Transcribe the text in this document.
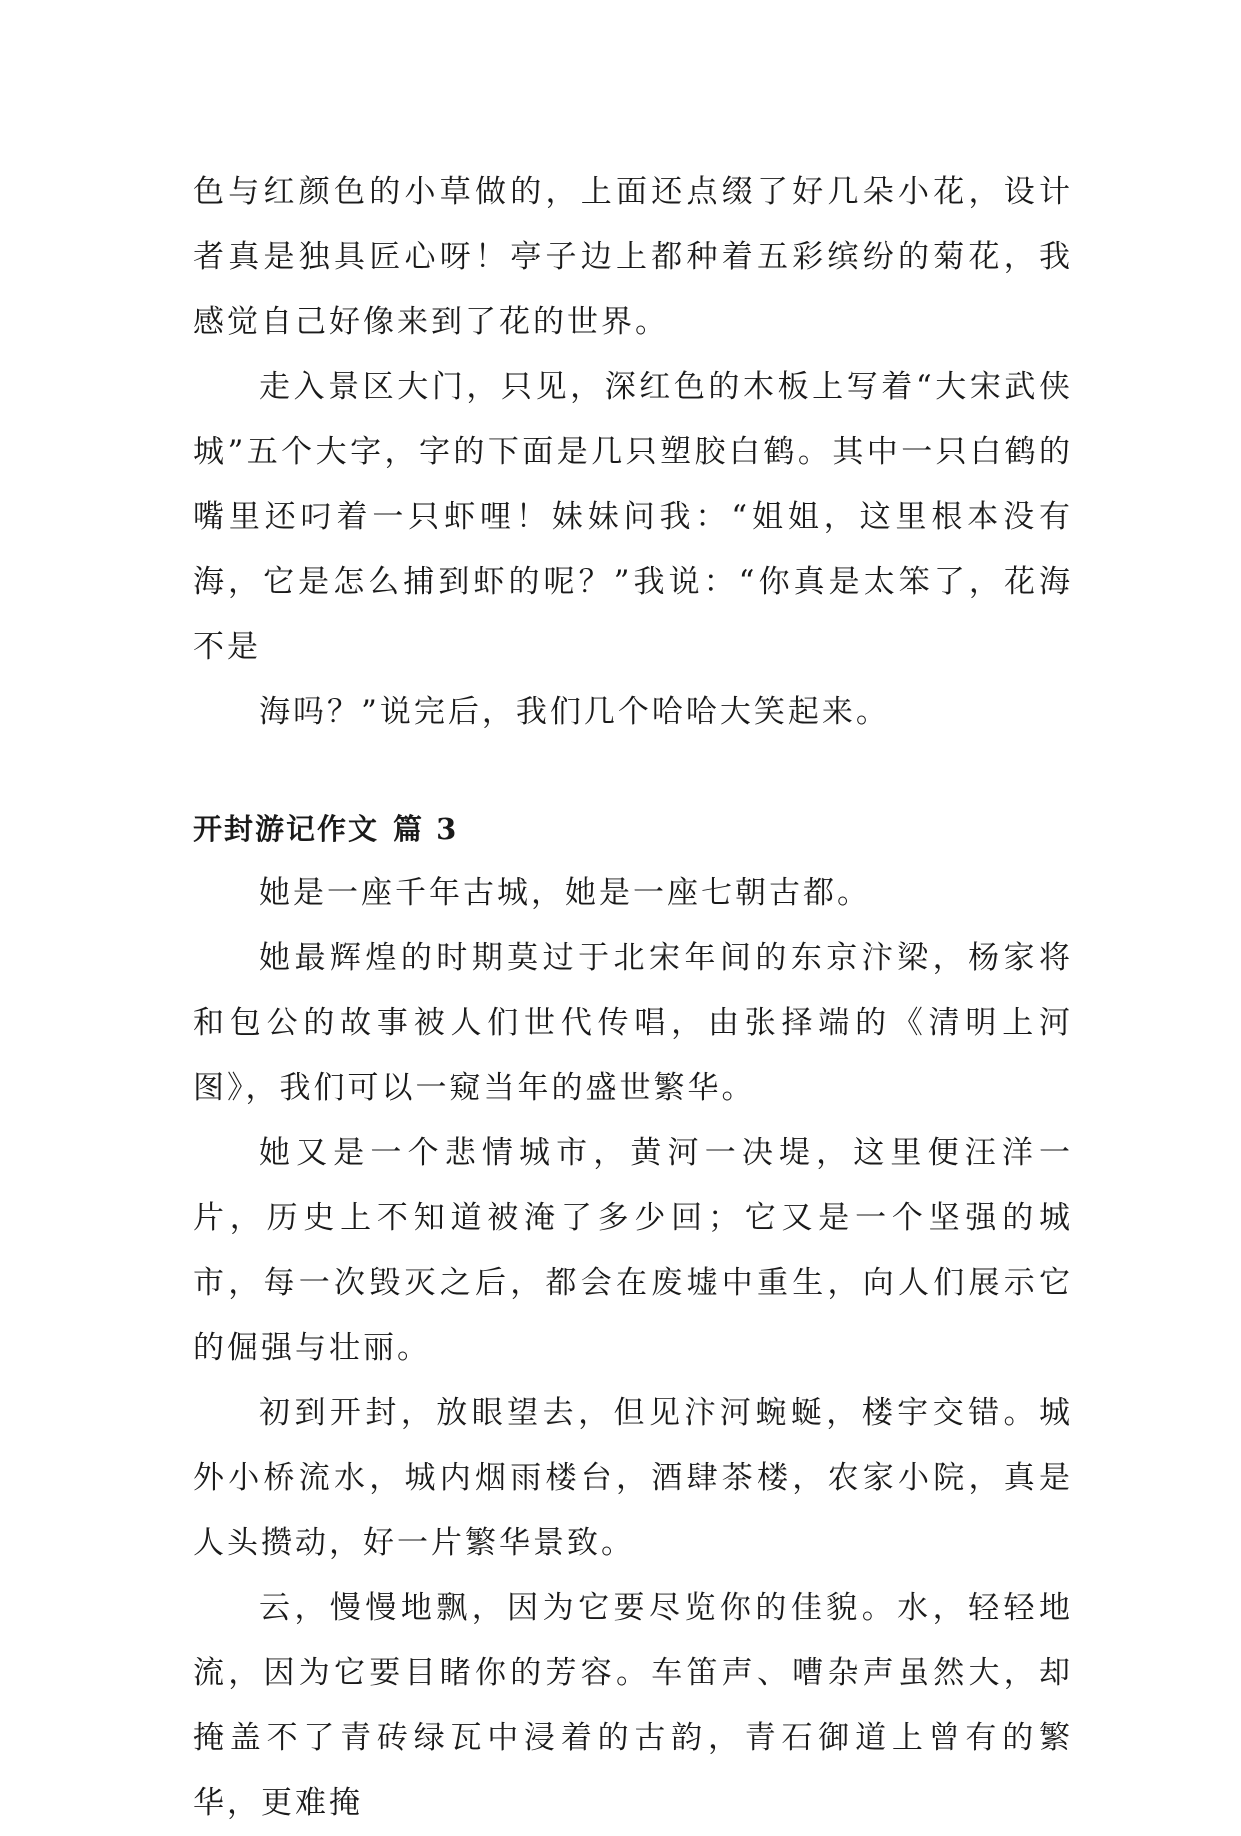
色与红颜色的小草做的，上面还点缀了好几朵小花，设计者真是独具匠心呀！亭子边上都种着五彩缤纷的菊花，我感觉自己好像来到了花的世界。

走入景区大门，只见，深红色的木板上写着“大宋武侠城”五个大字，字的下面是几只塑胶白鹤。其中一只白鹤的嘴里还叼着一只虾哩！妹妹问我：“姐姐，这里根本没有海，它是怎么捕到虾的呢？”我说：“你真是太笨了，花海不是

海吗？”说完后，我们几个哈哈大笑起来。

开封游记作文 篇 3

她是一座千年古城，她是一座七朝古都。

她最辉煌的时期莫过于北宋年间的东京汴梁，杨家将和包公的故事被人们世代传唱，由张择端的《清明上河图》，我们可以一窥当年的盛世繁华。

她又是一个悲情城市，黄河一决堤，这里便汪洋一片，历史上不知道被淹了多少回；它又是一个坚强的城市，每一次毁灭之后，都会在废墟中重生，向人们展示它的倔强与壮丽。

初到开封，放眼望去，但见汴河蜿蜒，楼宇交错。城外小桥流水，城内烟雨楼台，酒肆茶楼，农家小院，真是人头攒动，好一片繁华景致。

云，慢慢地飘，因为它要尽览你的佳貌。水，轻轻地流，因为它要目睹你的芳容。车笛声、嘈杂声虽然大，却掩盖不了青砖绿瓦中浸着的古韵，青石御道上曾有的繁华，更难掩
